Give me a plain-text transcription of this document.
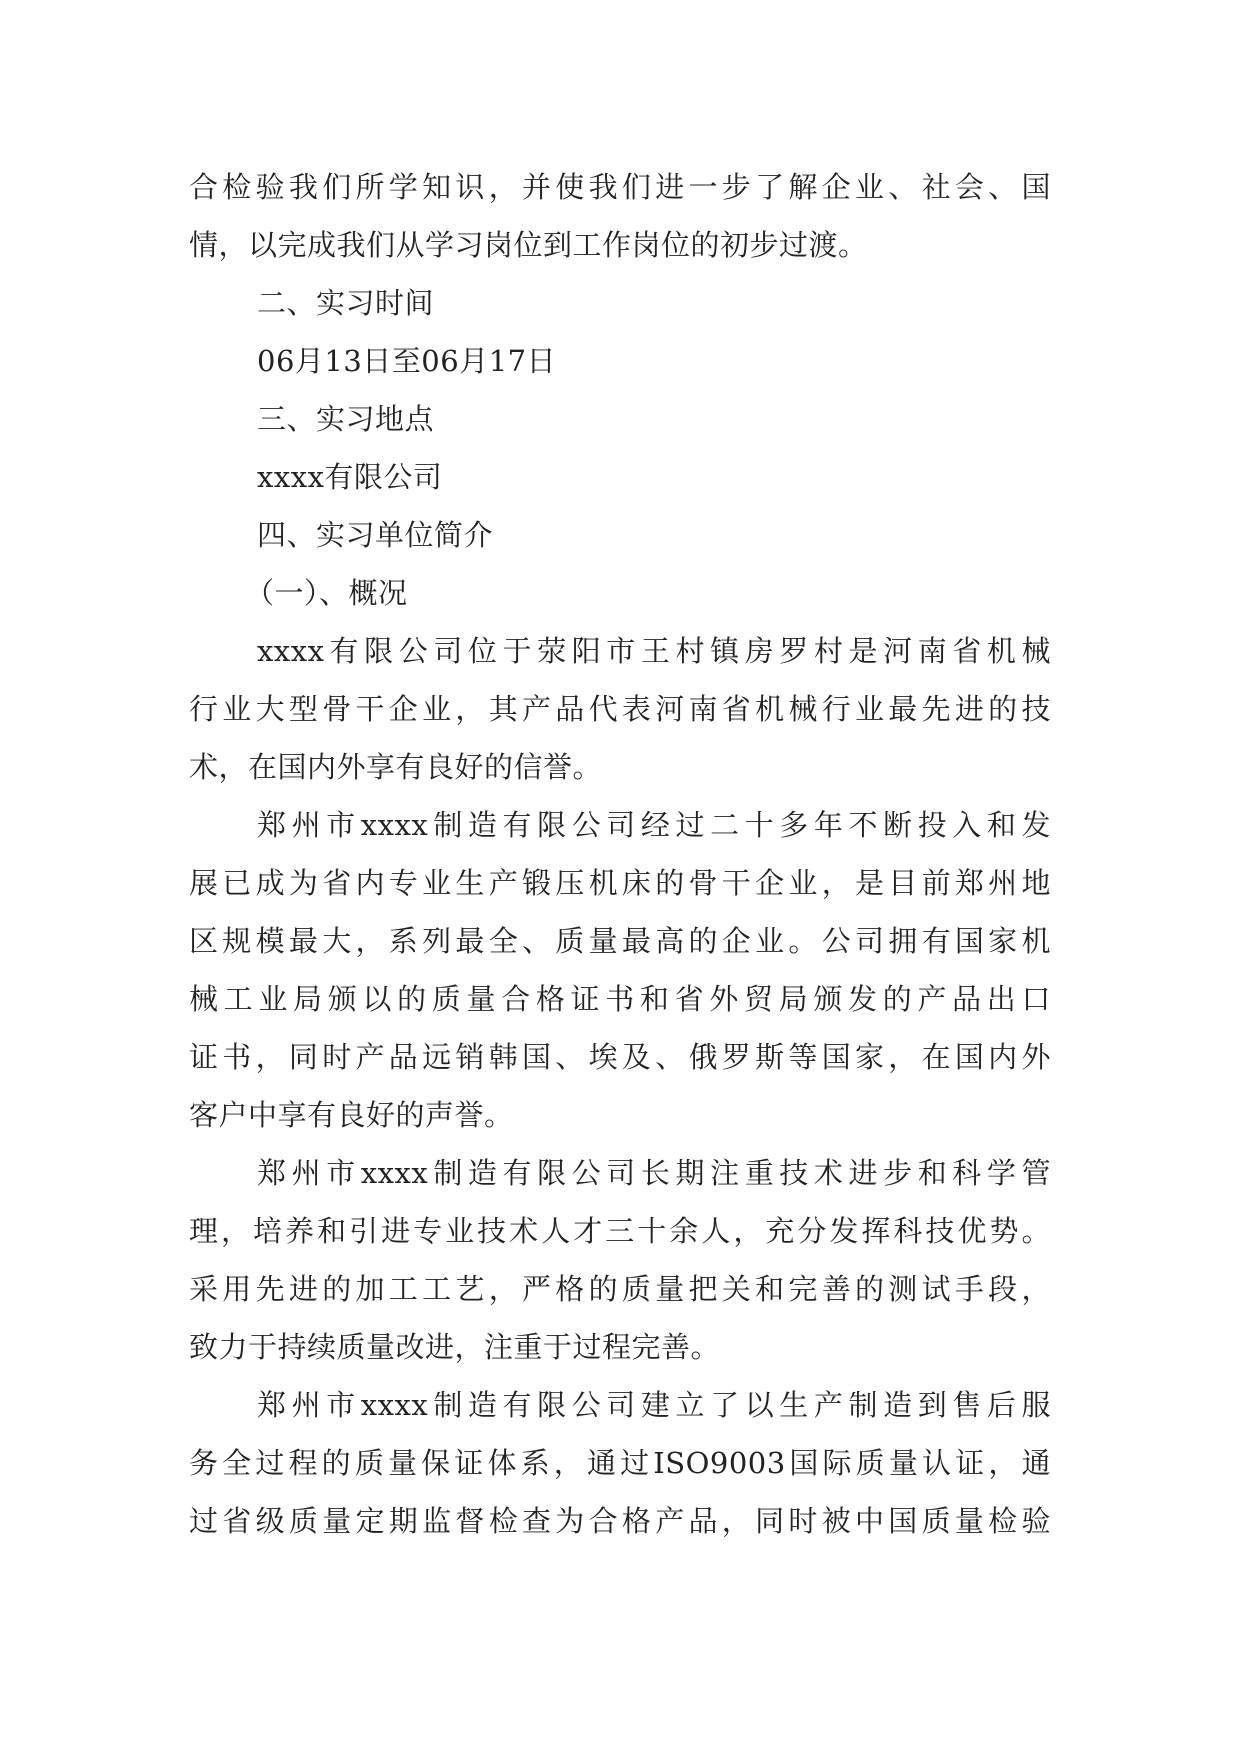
合检验我们所学知识，并使我们进一步了解企业、社会、国
情，以完成我们从学习岗位到工作岗位的初步过渡。
二、实习时间
06月13日至06月17日
三、实习地点
xxxx有限公司
四、实习单位简介
（一）、概况
xxxx有限公司位于荥阳市王村镇房罗村是河南省机械
行业大型骨干企业，其产品代表河南省机械行业最先进的技
术，在国内外享有良好的信誉。
郑州市xxxx制造有限公司经过二十多年不断投入和发
展已成为省内专业生产锻压机床的骨干企业，是目前郑州地
区规模最大，系列最全、质量最高的企业。公司拥有国家机
械工业局颁以的质量合格证书和省外贸局颁发的产品出口
证书，同时产品远销韩国、埃及、俄罗斯等国家，在国内外
客户中享有良好的声誉。
郑州市xxxx制造有限公司长期注重技术进步和科学管
理，培养和引进专业技术人才三十余人，充分发挥科技优势。
采用先进的加工工艺，严格的质量把关和完善的测试手段，
致力于持续质量改进，注重于过程完善。
郑州市xxxx制造有限公司建立了以生产制造到售后服
务全过程的质量保证体系，通过ISO9003国际质量认证，通
过省级质量定期监督检查为合格产品，同时被中国质量检验
